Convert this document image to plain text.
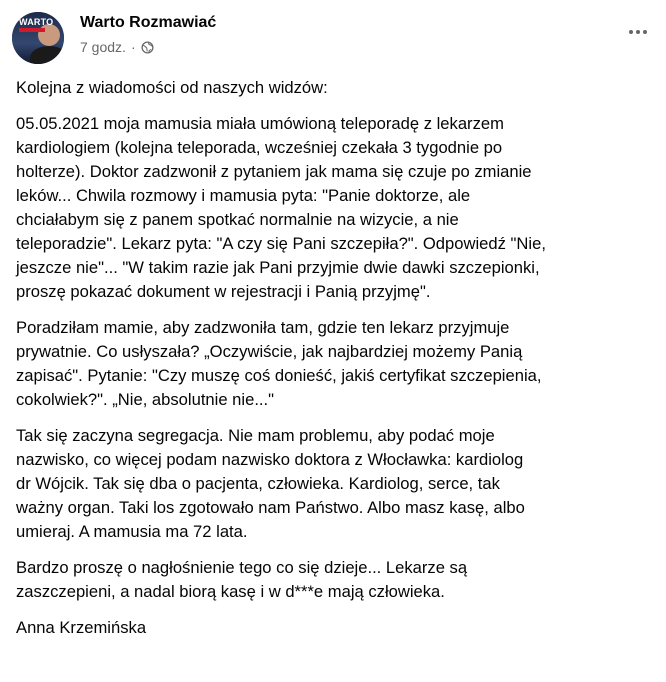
WARTO Warto Rozmawiać
7 godz. ·

Kolejna z wiadomości od naszych widzów:

05.05.2021 moja mamusia miała umówioną teleporadę z lekarzem
kardiologiem (kolejna teleporada, wcześniej czekała 3 tygodnie po
holterze). Doktor zadzwonił z pytaniem jak mama się czuje po zmianie
leków... Chwila rozmowy i mamusia pyta: "Panie doktorze, ale
chciałabym się z panem spotkać normalnie na wizycie, a nie
teleporadzie". Lekarz pyta: "A czy się Pani szczepiła?". Odpowiedź "Nie,
jeszcze nie"... "W takim razie jak Pani przyjmie dwie dawki szczepionki,
proszę pokazać dokument w rejestracji i Panią przyjmę".

Poradziłam mamie, aby zadzwoniła tam, gdzie ten lekarz przyjmuje
prywatnie. Co usłyszała? „Oczywiście, jak najbardziej możemy Panią
zapisać". Pytanie: "Czy muszę coś donieść, jakiś certyfikat szczepienia,
cokolwiek?". „Nie, absolutnie nie..."

Tak się zaczyna segregacja. Nie mam problemu, aby podać moje
nazwisko, co więcej podam nazwisko doktora z Włocławka: kardiolog
dr Wójcik. Tak się dba o pacjenta, człowieka. Kardiolog, serce, tak
ważny organ. Taki los zgotowało nam Państwo. Albo masz kasę, albo
umieraj. A mamusia ma 72 lata.

Bardzo proszę o nagłośnienie tego co się dzieje... Lekarze są
zaszczepieni, a nadal biorą kasę i w d***e mają człowieka.

Anna Krzemińska
